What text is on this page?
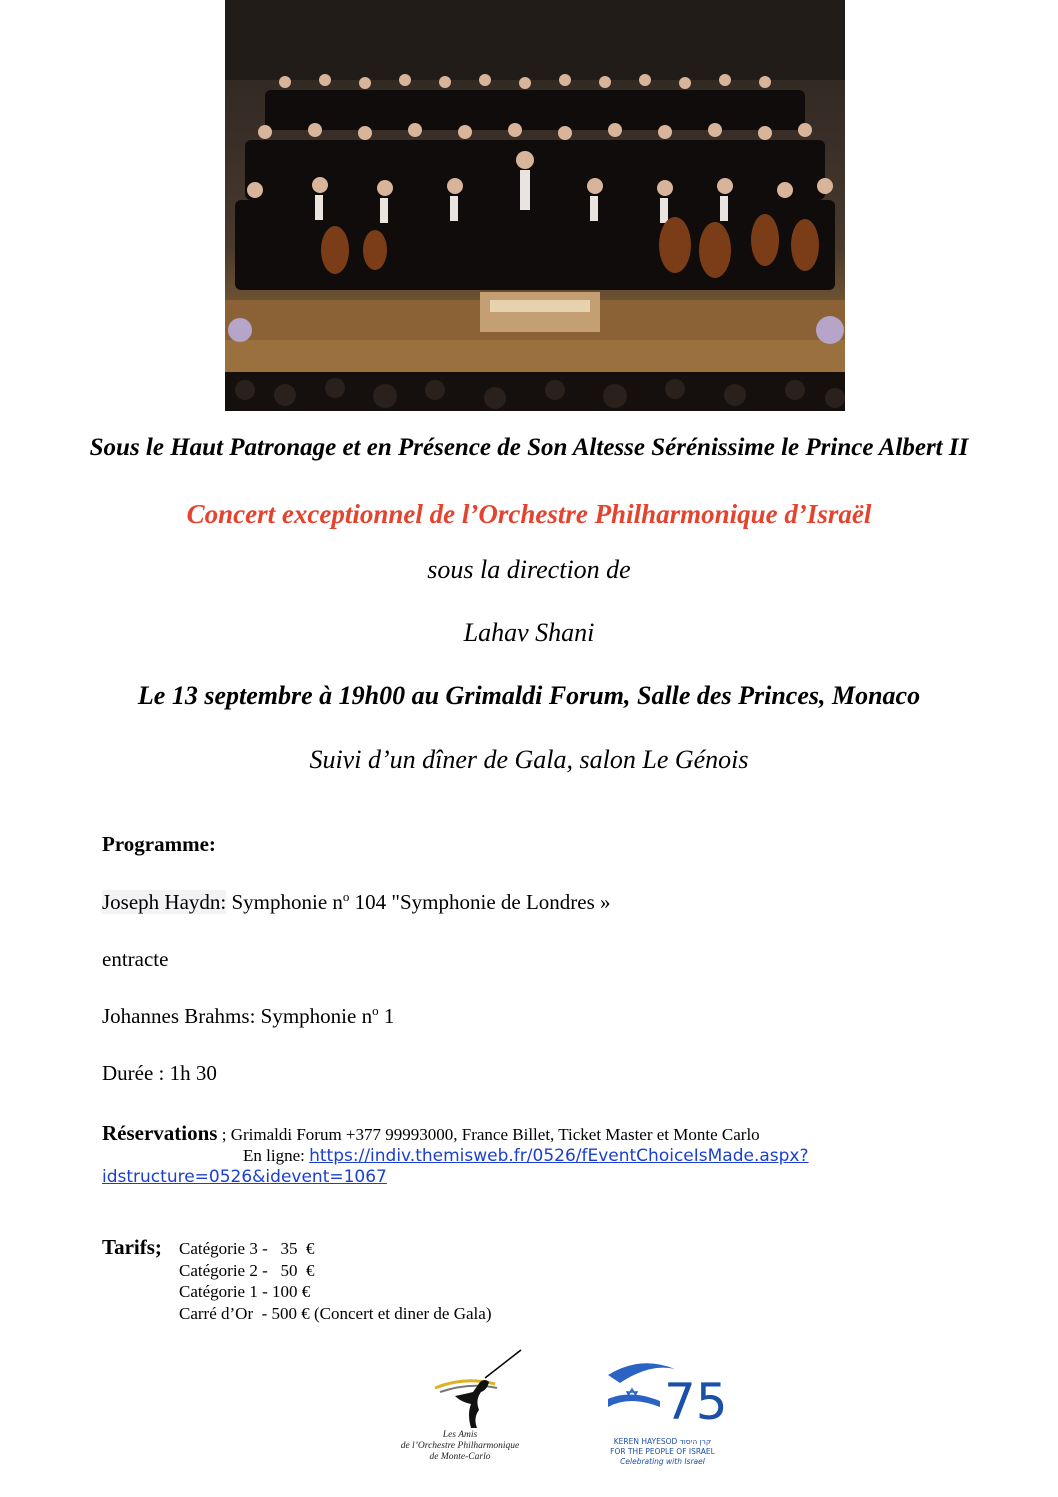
Sous le Haut Patronage et en Présence de Son Altesse Sérénissime le Prince Albert II
Concert exceptionnel de l’Orchestre Philharmonique d’Israël
sous la direction de
Lahav Shani
Le 13 septembre à 19h00 au Grimaldi Forum, Salle des Princes, Monaco
Suivi d’un dîner de Gala, salon Le Génois
Programme:
Joseph Haydn: Symphonie $n^o$ 104 "Symphonie de Londres »
entracte
Johannes Brahms: Symphonie $n^o$ 1
Durée : 1h 30
Réservations ; Grimaldi Forum +377 99993000, France Billet, Ticket Master et Monte Carlo
En ligne: https://indiv.themisweb.fr/0526/fEventChoiceIsMade.aspx?
idstructure=0526&idevent=1067
Tarifs; Catégorie 3 -   35  €
Catégorie 2 -   50  €
Catégorie 1 - 100 €
Carré d’Or  - 500 € (Concert et diner de Gala)
Les Amis
de l’Orchestre Philharmonique
de Monte-Carlo
75
KEREN HAYESOD קרן היסוד
FOR THE PEOPLE OF ISRAEL
Celebrating with Israel
